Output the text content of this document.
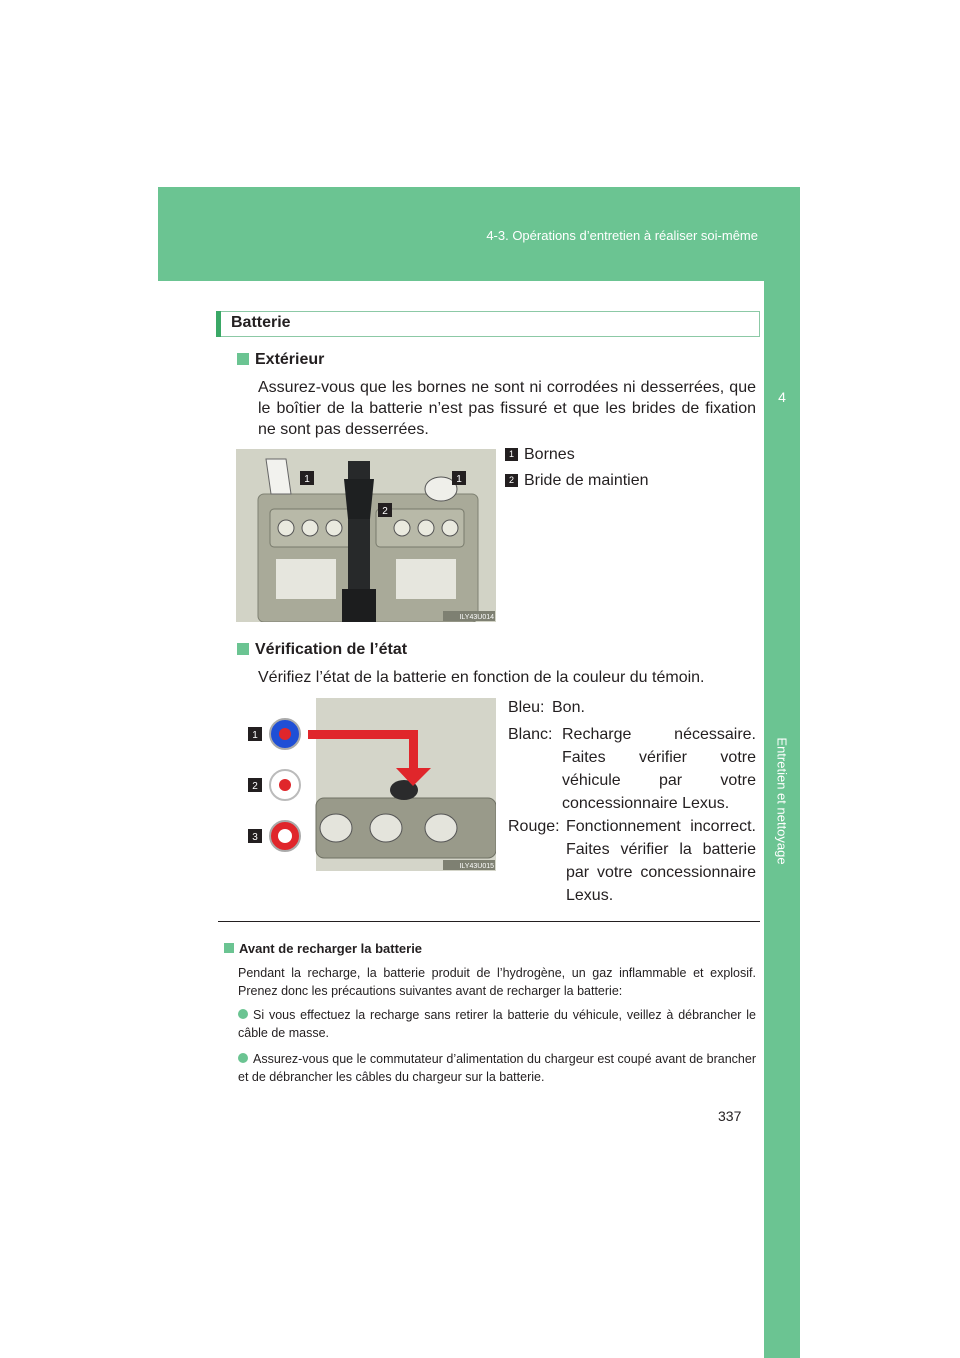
4-3. Opérations d’entretien à réaliser soi-même
4
Entretien et nettoyage
Batterie
Extérieur
Assurez-vous que les bornes ne sont ni corrodées ni desserrées, que le boîtier de la batterie n’est pas fissuré et que les brides de fixation ne sont pas desserrées.
1	1
2
ILY43U014
1 Bornes
2 Bride de maintien
Vérification de l’état
Vérifiez l’état de la batterie en fonction de la couleur du témoin.
1
2
3
ILY43U015
Bleu: Bon.
Blanc: Recharge nécessaire. Faites vérifier votre véhicule par votre concessionnaire Lexus.
Rouge: Fonctionnement incorrect. Faites vérifier la batterie par votre concessionnaire Lexus.
Avant de recharger la batterie
Pendant la recharge, la batterie produit de l’hydrogène, un gaz inflammable et explosif. Prenez donc les précautions suivantes avant de recharger la batterie:
Si vous effectuez la recharge sans retirer la batterie du véhicule, veillez à débrancher le câble de masse.
Assurez-vous que le commutateur d’alimentation du chargeur est coupé avant de brancher et de débrancher les câbles du chargeur sur la batterie.
337
